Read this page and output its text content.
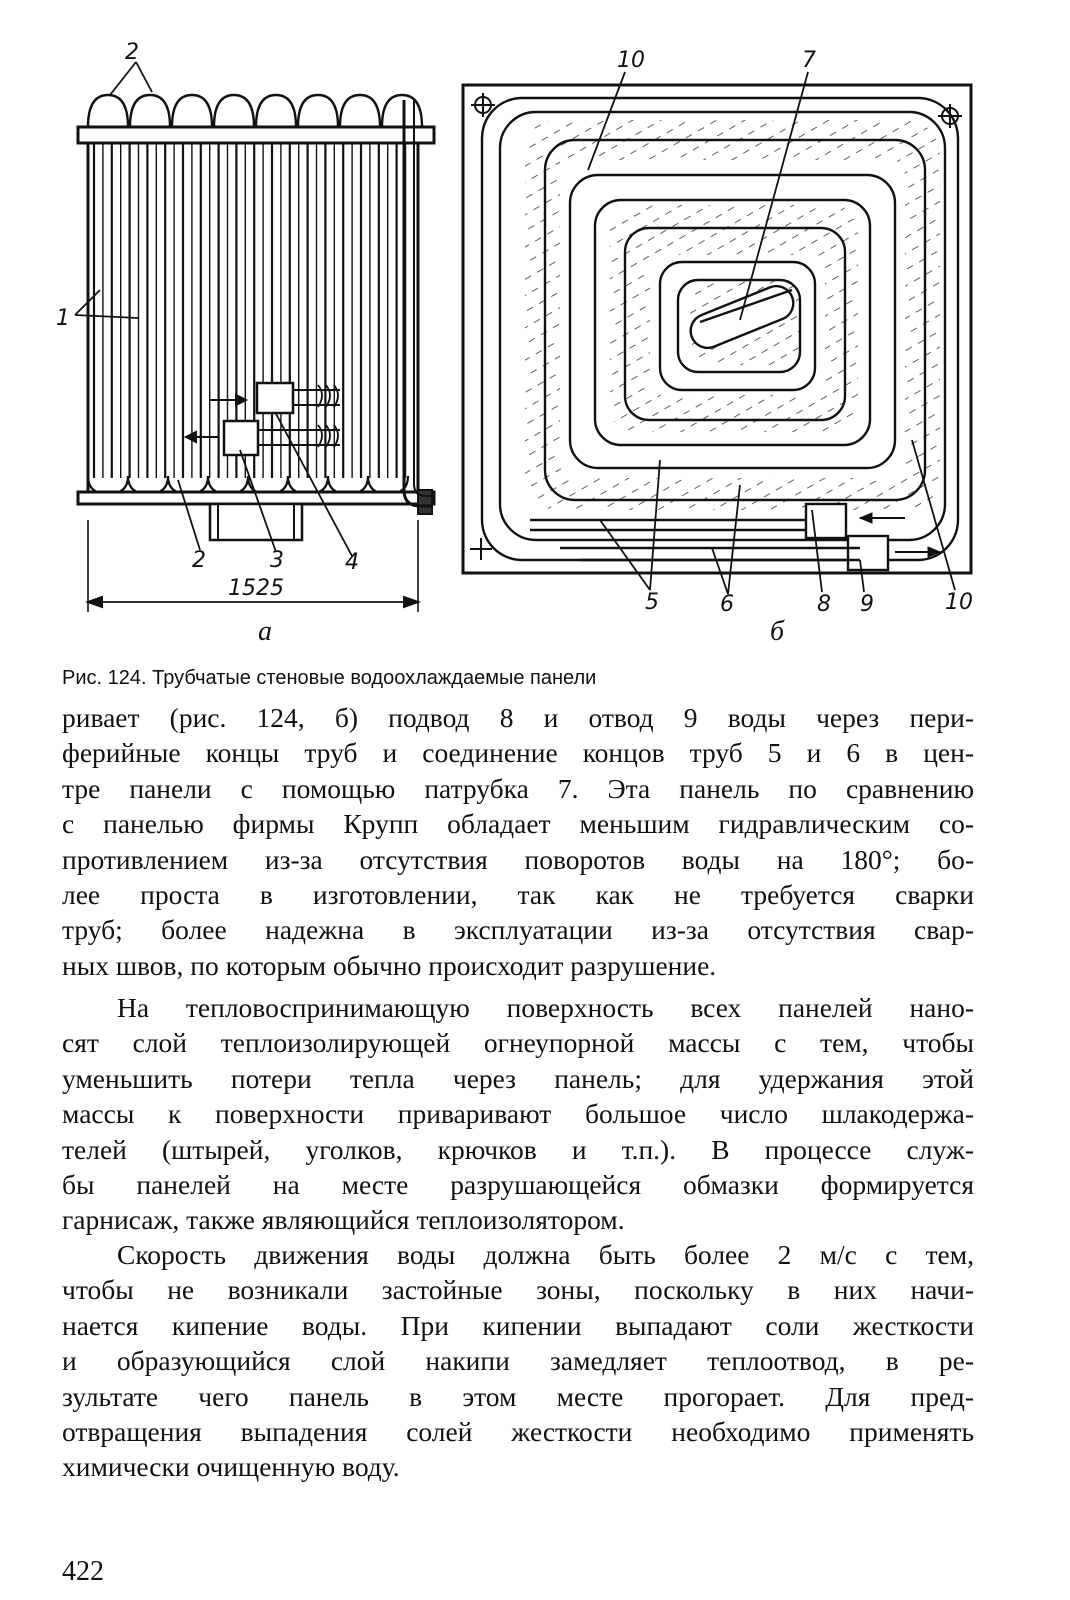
2
1
2	3	4
1525
а
10	7
5	6	8 9	10
б
Рис. 124. Трубчатые стеновые водоохлаждаемые панели

ривает (рис. 124, б) подвод 8 и отвод 9 воды через пери-
ферийные концы труб и соединение концов труб 5 и 6 в цен-
тре панели с помощью патрубка 7. Эта панель по сравнению
с панелью фирмы Крупп обладает меньшим гидравлическим со-
противлением из-за отсутствия поворотов воды на 180°; бо-
лее проста в изготовлении, так как не требуется сварки
труб; более надежна в эксплуатации из-за отсутствия свар-
ных швов, по которым обычно происходит разрушение.

На тепловоспринимающую поверхность всех панелей нано-
сят слой теплоизолирующей огнеупорной массы с тем, чтобы
уменьшить потери тепла через панель; для удержания этой
массы к поверхности приваривают большое число шлакодержа-
телей (штырей, уголков, крючков и т.п.). В процессе служ-
бы панелей на месте разрушающейся обмазки формируется
гарнисаж, также являющийся теплоизолятором.

Скорость движения воды должна быть более 2 м/с с тем,
чтобы не возникали застойные зоны, поскольку в них начи-
нается кипение воды. При кипении выпадают соли жесткости
и образующийся слой накипи замедляет теплоотвод, в ре-
зультате чего панель в этом месте прогорает. Для пред-
отвращения выпадения солей жесткости необходимо применять
химически очищенную воду.

422
